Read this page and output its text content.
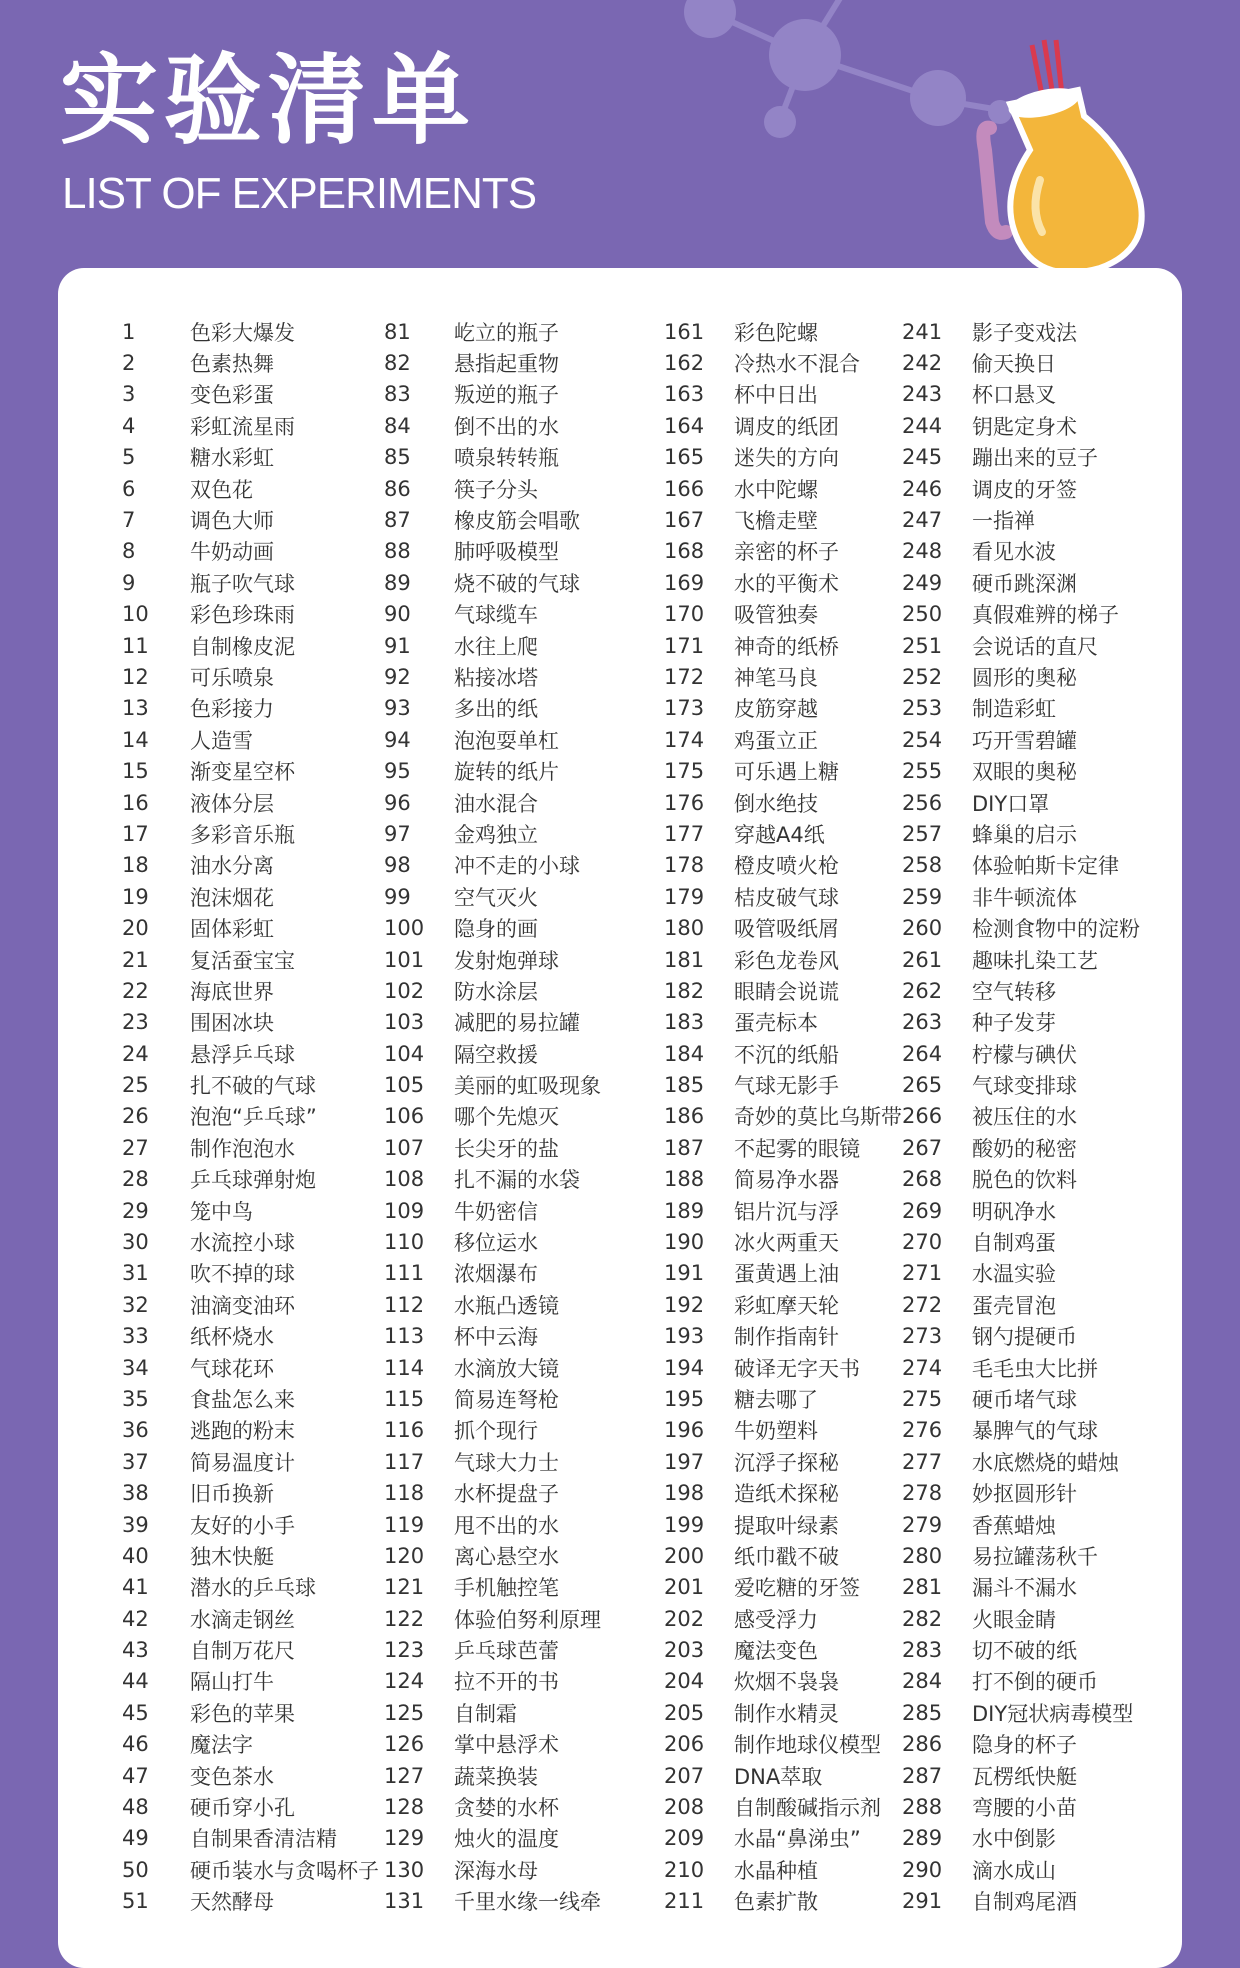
实验清单
LIST OF EXPERIMENTS
1	色彩大爆发
2	色素热舞
3	变色彩蛋
4	彩虹流星雨
5	糖水彩虹
6	双色花
7	调色大师
8	牛奶动画
9	瓶子吹气球
10	彩色珍珠雨
11	自制橡皮泥
12	可乐喷泉
13	色彩接力
14	人造雪
15	渐变星空杯
16	液体分层
17	多彩音乐瓶
18	油水分离
19	泡沫烟花
20	固体彩虹
21	复活蚕宝宝
22	海底世界
23	围困冰块
24	悬浮乒乓球
25	扎不破的气球
26	泡泡“乒乓球”
27	制作泡泡水
28	乒乓球弹射炮
29	笼中鸟
30	水流控小球
31	吹不掉的球
32	油滴变油环
33	纸杯烧水
34	气球花环
35	食盐怎么来
36	逃跑的粉末
37	简易温度计
38	旧币换新
39	友好的小手
40	独木快艇
41	潜水的乒乓球
42	水滴走钢丝
43	自制万花尺
44	隔山打牛
45	彩色的苹果
46	魔法字
47	变色茶水
48	硬币穿小孔
49	自制果香清洁精
50	硬币装水与贪喝杯子
51	天然酵母
81	屹立的瓶子
82	悬指起重物
83	叛逆的瓶子
84	倒不出的水
85	喷泉转转瓶
86	筷子分头
87	橡皮筋会唱歌
88	肺呼吸模型
89	烧不破的气球
90	气球缆车
91	水往上爬
92	粘接冰塔
93	多出的纸
94	泡泡耍单杠
95	旋转的纸片
96	油水混合
97	金鸡独立
98	冲不走的小球
99	空气灭火
100	隐身的画
101	发射炮弹球
102	防水涂层
103	减肥的易拉罐
104	隔空救援
105	美丽的虹吸现象
106	哪个先熄灭
107	长尖牙的盐
108	扎不漏的水袋
109	牛奶密信
110	移位运水
111	浓烟瀑布
112	水瓶凸透镜
113	杯中云海
114	水滴放大镜
115	简易连弩枪
116	抓个现行
117	气球大力士
118	水杯提盘子
119	甩不出的水
120	离心悬空水
121	手机触控笔
122	体验伯努利原理
123	乒乓球芭蕾
124	拉不开的书
125	自制霜
126	掌中悬浮术
127	蔬菜换装
128	贪婪的水杯
129	烛火的温度
130	深海水母
131	千里水缘一线牵
161	彩色陀螺
162	冷热水不混合
163	杯中日出
164	调皮的纸团
165	迷失的方向
166	水中陀螺
167	飞檐走壁
168	亲密的杯子
169	水的平衡术
170	吸管独奏
171	神奇的纸桥
172	神笔马良
173	皮筋穿越
174	鸡蛋立正
175	可乐遇上糖
176	倒水绝技
177	穿越A4纸
178	橙皮喷火枪
179	桔皮破气球
180	吸管吸纸屑
181	彩色龙卷风
182	眼睛会说谎
183	蛋壳标本
184	不沉的纸船
185	气球无影手
186	奇妙的莫比乌斯带
187	不起雾的眼镜
188	简易净水器
189	铝片沉与浮
190	冰火两重天
191	蛋黄遇上油
192	彩虹摩天轮
193	制作指南针
194	破译无字天书
195	糖去哪了
196	牛奶塑料
197	沉浮子探秘
198	造纸术探秘
199	提取叶绿素
200	纸巾戳不破
201	爱吃糖的牙签
202	感受浮力
203	魔法变色
204	炊烟不袅袅
205	制作水精灵
206	制作地球仪模型
207	DNA萃取
208	自制酸碱指示剂
209	水晶“鼻涕虫”
210	水晶种植
211	色素扩散
241	影子变戏法
242	偷天换日
243	杯口悬叉
244	钥匙定身术
245	蹦出来的豆子
246	调皮的牙签
247	一指禅
248	看见水波
249	硬币跳深渊
250	真假难辨的梯子
251	会说话的直尺
252	圆形的奥秘
253	制造彩虹
254	巧开雪碧罐
255	双眼的奥秘
256	DIY口罩
257	蜂巢的启示
258	体验帕斯卡定律
259	非牛顿流体
260	检测食物中的淀粉
261	趣味扎染工艺
262	空气转移
263	种子发芽
264	柠檬与碘伏
265	气球变排球
266	被压住的水
267	酸奶的秘密
268	脱色的饮料
269	明矾净水
270	自制鸡蛋
271	水温实验
272	蛋壳冒泡
273	钢勺提硬币
274	毛毛虫大比拼
275	硬币堵气球
276	暴脾气的气球
277	水底燃烧的蜡烛
278	妙抠圆形针
279	香蕉蜡烛
280	易拉罐荡秋千
281	漏斗不漏水
282	火眼金睛
283	切不破的纸
284	打不倒的硬币
285	DIY冠状病毒模型
286	隐身的杯子
287	瓦楞纸快艇
288	弯腰的小苗
289	水中倒影
290	滴水成山
291	自制鸡尾酒
